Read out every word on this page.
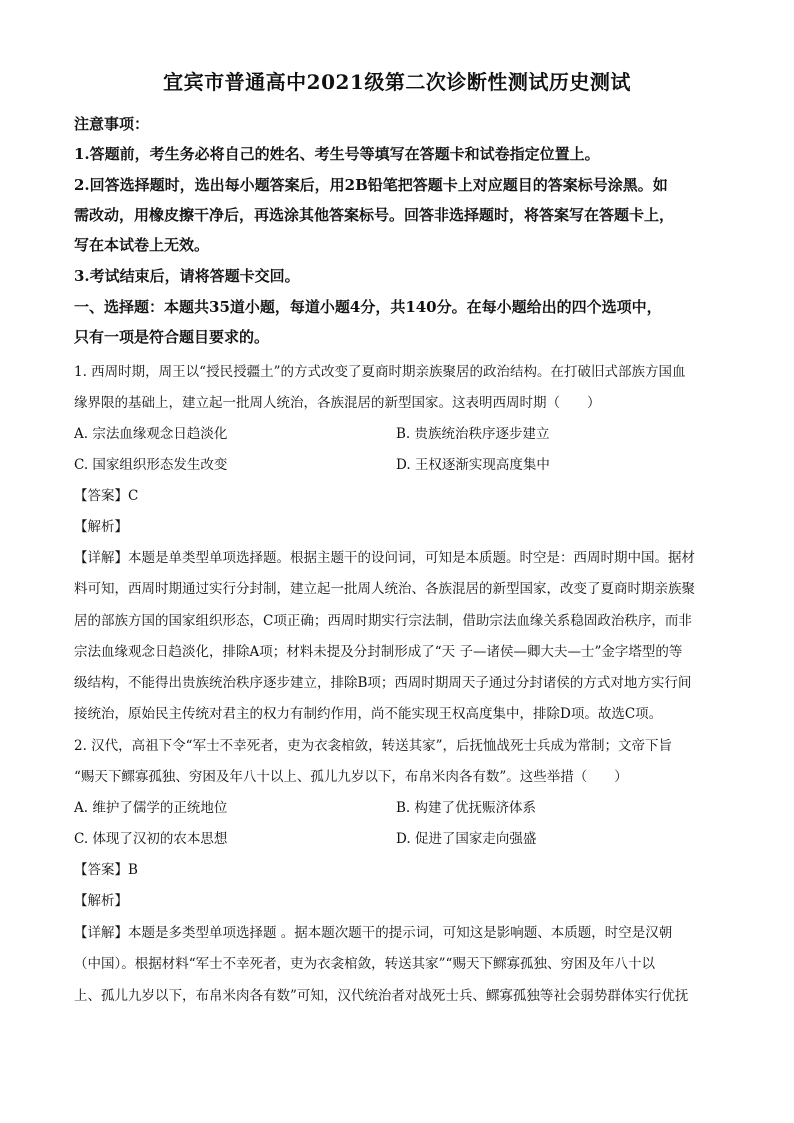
宜宾市普通高中2021级第二次诊断性测试历史测试
注意事项：
1.答题前，考生务必将自己的姓名、考生号等填写在答题卡和试卷指定位置上。
2.回答选择题时，选出每小题答案后，用2B铅笔把答题卡上对应题目的答案标号涂黑。如
需改动，用橡皮擦干净后，再选涂其他答案标号。回答非选择题时，将答案写在答题卡上，
写在本试卷上无效。
3.考试结束后，请将答题卡交回。
一、选择题：本题共35道小题，每道小题4分，共140分。在每小题给出的四个选项中，
只有一项是符合题目要求的。
1. 西周时期，周王以“授民授疆土”的方式改变了夏商时期亲族聚居的政治结构。在打破旧式部族方国血
缘界限的基础上，建立起一批周人统治，各族混居的新型国家。这表明西周时期（　　）
A. 宗法血缘观念日趋淡化	B. 贵族统治秩序逐步建立
C. 国家组织形态发生改变	D. 王权逐渐实现高度集中
【答案】C
【解析】
【详解】本题是单类型单项选择题。根据主题干的设问词，可知是本质题。时空是：西周时期中国。据材
料可知，西周时期通过实行分封制，建立起一批周人统治、各族混居的新型国家，改变了夏商时期亲族聚
居的部族方国的国家组织形态，C项正确；西周时期实行宗法制，借助宗法血缘关系稳固政治秩序，而非
宗法血缘观念日趋淡化，排除A项；材料未提及分封制形成了“天 子—诸侯—卿大夫—士”金字塔型的等
级结构，不能得出贵族统治秩序逐步建立，排除B项；西周时期周天子通过分封诸侯的方式对地方实行间
接统治，原始民主传统对君主的权力有制约作用，尚不能实现王权高度集中，排除D项。故选C项。
2. 汉代，高祖下令“军士不幸死者，吏为衣衾棺敛，转送其家”，后抚恤战死士兵成为常制；文帝下旨
“赐天下鳏寡孤独、穷困及年八十以上、孤儿九岁以下，布帛米肉各有数”。这些举措（　　）
A. 维护了儒学的正统地位	B. 构建了优抚赈济体系
C. 体现了汉初的农本思想	D. 促进了国家走向强盛
【答案】B
【解析】
【详解】本题是多类型单项选择题 。据本题次题干的提示词，可知这是影响题、本质题，时空是汉朝
（中国）。根据材料“军士不幸死者，吏为衣衾棺敛，转送其家”“赐天下鳏寡孤独、穷困及年八十以
上、孤儿九岁以下，布帛米肉各有数”可知，汉代统治者对战死士兵、鳏寡孤独等社会弱势群体实行优抚
